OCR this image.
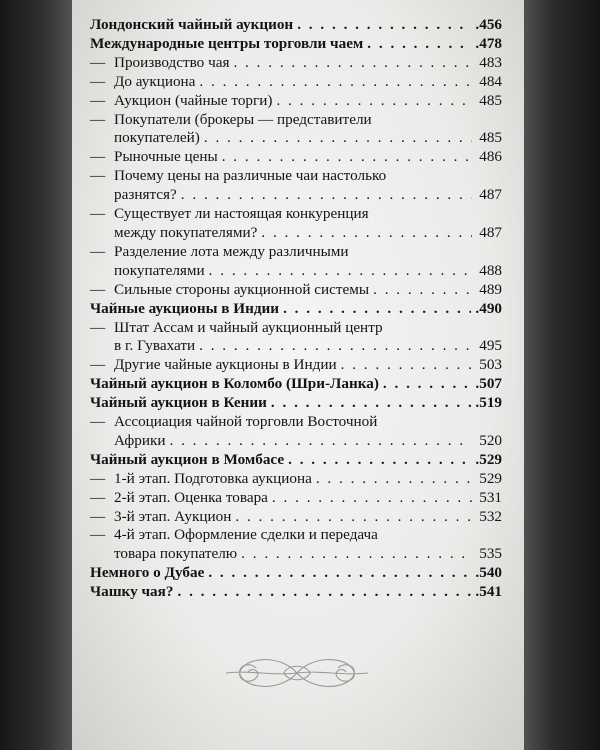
Лондонский чайный аукцион . . .	.456
Международные центры торговли чаем . . .	.478
— Производство чая . . .	483
— До аукциона . . .	484
— Аукцион (чайные торги) . . .	485
— Покупатели (брокеры — представители
покупателей) . . .	485
— Рыночные цены . . .	486
— Почему цены на различные чаи настолько
разнятся? . . .	487
— Существует ли настоящая конкуренция
между покупателями? . . .	487
— Разделение лота между различными
покупателями . . .	488
— Сильные стороны аукционной системы . . .	489
Чайные аукционы в Индии . . .	.490
— Штат Ассам и чайный аукционный центр
в г. Гувахати . . .	495
— Другие чайные аукционы в Индии . . .	503
Чайный аукцион в Коломбо (Шри-Ланка) . . .	.507
Чайный аукцион в Кении . . .	.519
— Ассоциация чайной торговли Восточной
Африки . . .	520
Чайный аукцион в Момбасе . . .	.529
— 1-й этап. Подготовка аукциона . . .	529
— 2-й этап. Оценка товара . . .	531
— 3-й этап. Аукцион . . .	532
— 4-й этап. Оформление сделки и передача
товара покупателю . . .	535
Немного о Дубае . . .	.540
Чашку чая? . . .	.541
